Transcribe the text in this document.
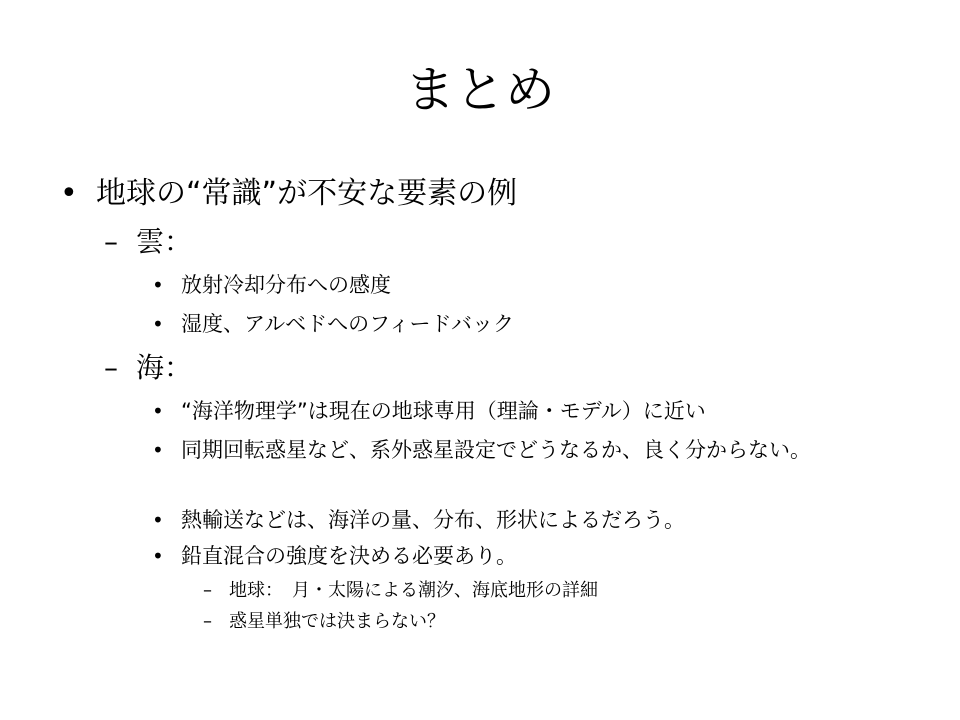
まとめ
• 地球の“常識”が不安な要素の例
– 雲：
• 放射冷却分布への感度
• 湿度、アルベドへのフィードバック
– 海：
• “海洋物理学”は現在の地球専用（理論・モデル）に近い
• 同期回転惑星など、系外惑星設定でどうなるか、良く分からない。
• 熱輸送などは、海洋の量、分布、形状によるだろう。
• 鉛直混合の強度を決める必要あり。
– 地球：　月・太陽による潮汐、海底地形の詳細
– 惑星単独では決まらない？
